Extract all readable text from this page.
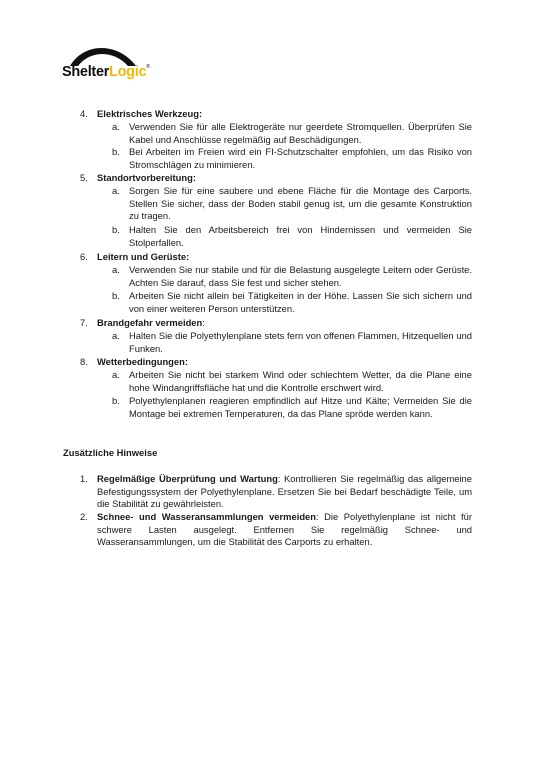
ShelterLogic®
4. Elektrisches Werkzeug:
a. Verwenden Sie für alle Elektrogeräte nur geerdete Stromquellen. Überprüfen Sie Kabel und Anschlüsse regelmäßig auf Beschädigungen.
b. Bei Arbeiten im Freien wird ein FI-Schutzschalter empfohlen, um das Risiko von Stromschlägen zu minimieren.
5. Standortvorbereitung:
a. Sorgen Sie für eine saubere und ebene Fläche für die Montage des Carports. Stellen Sie sicher, dass der Boden stabil genug ist, um die gesamte Konstruktion zu tragen.
b. Halten Sie den Arbeitsbereich frei von Hindernissen und vermeiden Sie Stolperfallen.
6. Leitern und Gerüste:
a. Verwenden Sie nur stabile und für die Belastung ausgelegte Leitern oder Gerüste. Achten Sie darauf, dass Sie fest und sicher stehen.
b. Arbeiten Sie nicht allein bei Tätigkeiten in der Höhe. Lassen Sie sich sichern und von einer weiteren Person unterstützen.
7. Brandgefahr vermeiden:
a. Halten Sie die Polyethylenplane stets fern von offenen Flammen, Hitzequellen und Funken.
8. Wetterbedingungen:
a. Arbeiten Sie nicht bei starkem Wind oder schlechtem Wetter, da die Plane eine hohe Windangriffsfläche hat und die Kontrolle erschwert wird.
b. Polyethylenplanen reagieren empfindlich auf Hitze und Kälte; Vermeiden Sie die Montage bei extremen Temperaturen, da das Plane spröde werden kann.
Zusätzliche Hinweise
1. Regelmäßige Überprüfung und Wartung: Kontrollieren Sie regelmäßig das allgemeine Befestigungssystem der Polyethylenplane. Ersetzen Sie bei Bedarf beschädigte Teile, um die Stabilität zu gewährleisten.
2. Schnee- und Wasseransammlungen vermeiden: Die Polyethylenplane ist nicht für schwere Lasten ausgelegt. Entfernen Sie regelmäßig Schnee- und Wasseransammlungen, um die Stabilität des Carports zu erhalten.
